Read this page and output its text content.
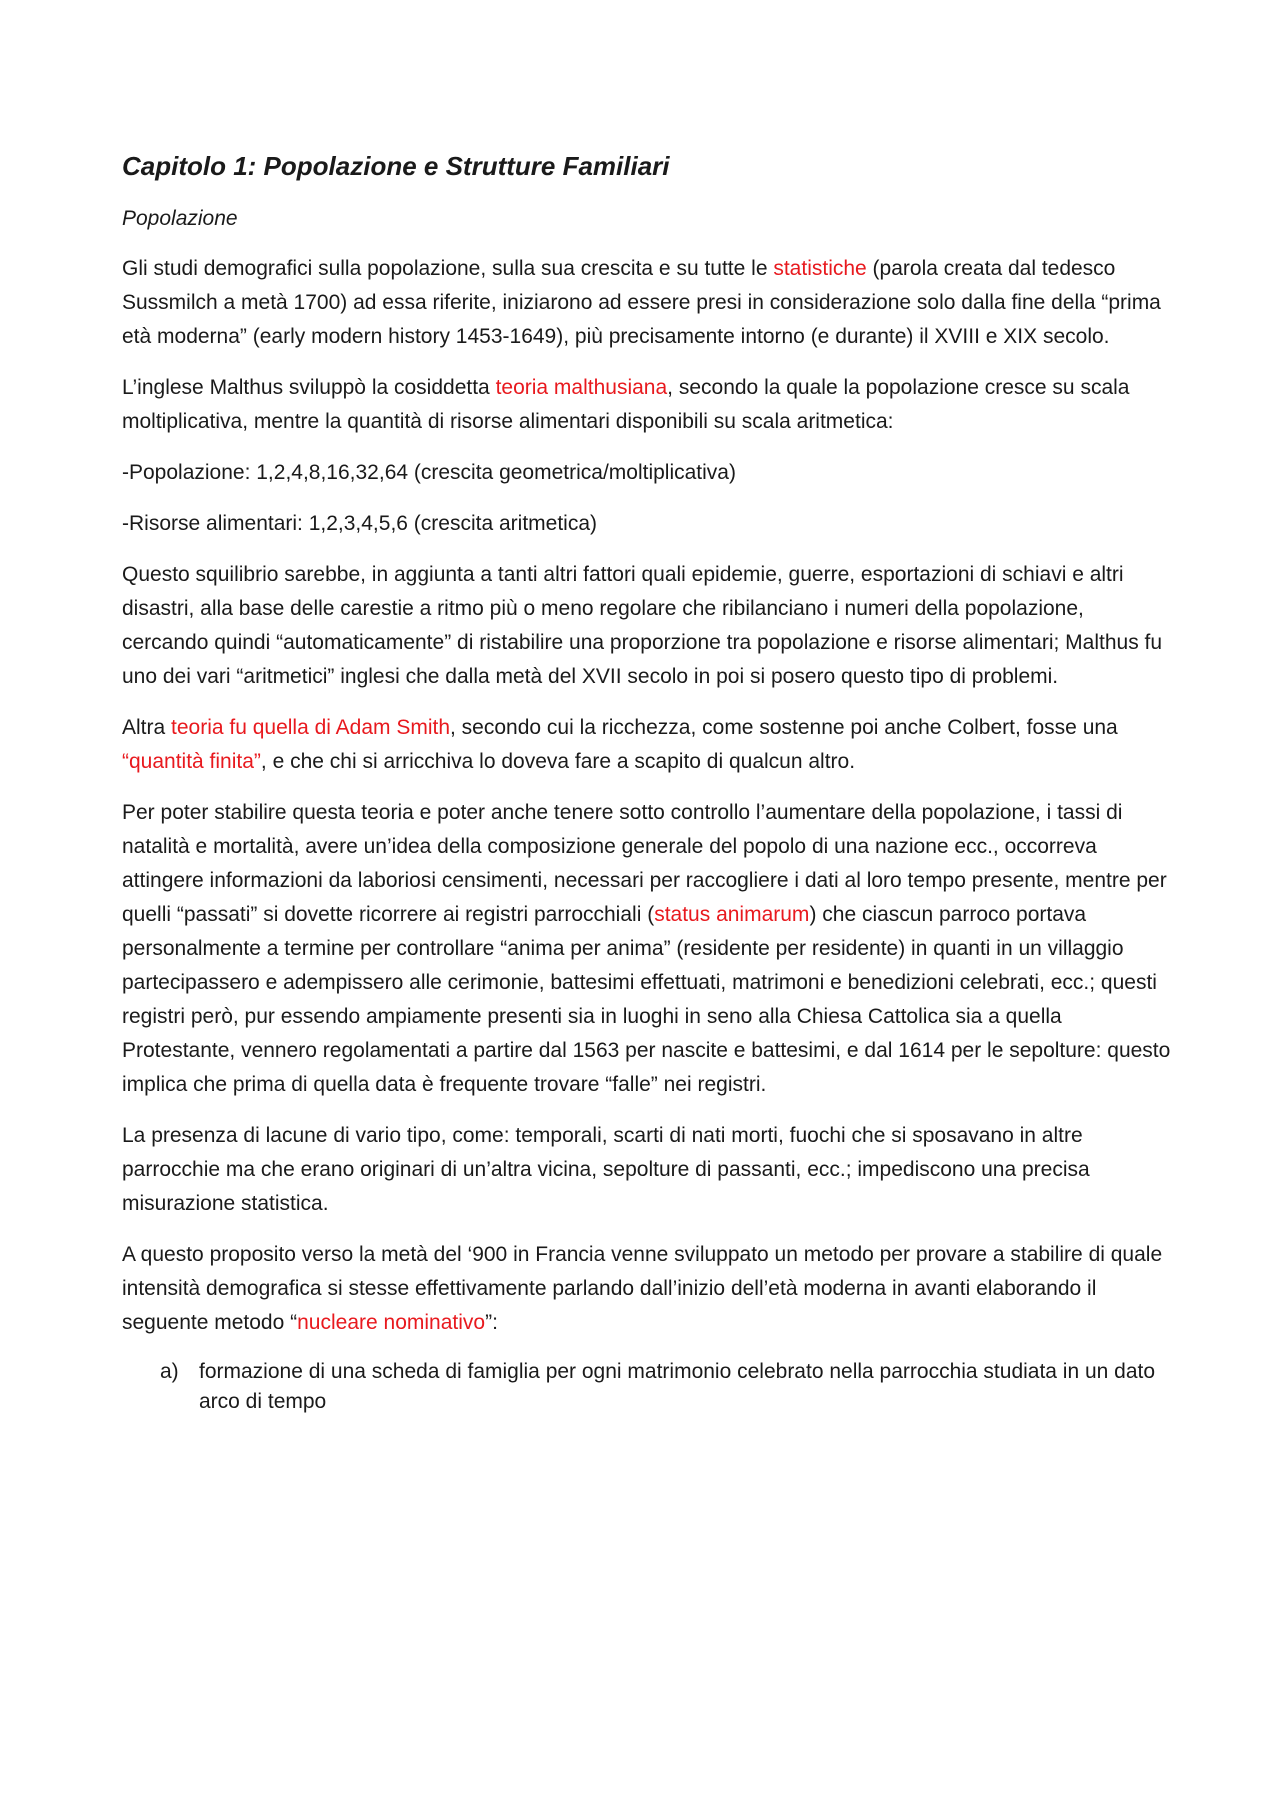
Capitolo 1: Popolazione e Strutture Familiari
Popolazione

Gli studi demografici sulla popolazione, sulla sua crescita e su tutte le statistiche (parola creata dal tedesco Sussmilch a metà 1700) ad essa riferite, iniziarono ad essere presi in considerazione solo dalla fine della “prima età moderna” (early modern history 1453-1649), più precisamente intorno (e durante) il XVIII e XIX secolo.

L’inglese Malthus sviluppò la cosiddetta teoria malthusiana, secondo la quale la popolazione cresce su scala moltiplicativa, mentre la quantità di risorse alimentari disponibili su scala aritmetica:

-Popolazione: 1,2,4,8,16,32,64 (crescita geometrica/moltiplicativa)

-Risorse alimentari: 1,2,3,4,5,6 (crescita aritmetica)

Questo squilibrio sarebbe, in aggiunta a tanti altri fattori quali epidemie, guerre, esportazioni di schiavi e altri disastri, alla base delle carestie a ritmo più o meno regolare che ribilanciano i numeri della popolazione, cercando quindi “automaticamente” di ristabilire una proporzione tra popolazione e risorse alimentari; Malthus fu uno dei vari “aritmetici” inglesi che dalla metà del XVII secolo in poi si posero questo tipo di problemi.

Altra teoria fu quella di Adam Smith, secondo cui la ricchezza, come sostenne poi anche Colbert, fosse una “quantità finita”, e che chi si arricchiva lo doveva fare a scapito di qualcun altro.

Per poter stabilire questa teoria e poter anche tenere sotto controllo l’aumentare della popolazione, i tassi di natalità e mortalità, avere un’idea della composizione generale del popolo di una nazione ecc., occorreva attingere informazioni da laboriosi censimenti, necessari per raccogliere i dati al loro tempo presente, mentre per quelli “passati” si dovette ricorrere ai registri parrocchiali (status animarum) che ciascun parroco portava personalmente a termine per controllare “anima per anima” (residente per residente) in quanti in un villaggio partecipassero e adempissero alle cerimonie, battesimi effettuati, matrimoni e benedizioni celebrati, ecc.; questi registri però, pur essendo ampiamente presenti sia in luoghi in seno alla Chiesa Cattolica sia a quella Protestante, vennero regolamentati a partire dal 1563 per nascite e battesimi, e dal 1614 per le sepolture: questo implica che prima di quella data è frequente trovare “falle” nei registri.

La presenza di lacune di vario tipo, come: temporali, scarti di nati morti, fuochi che si sposavano in altre parrocchie ma che erano originari di un’altra vicina, sepolture di passanti, ecc.; impediscono una precisa misurazione statistica.

A questo proposito verso la metà del ‘900 in Francia venne sviluppato un metodo per provare a stabilire di quale intensità demografica si stesse effettivamente parlando dall’inizio dell’età moderna in avanti elaborando il seguente metodo “nucleare nominativo”:

a) formazione di una scheda di famiglia per ogni matrimonio celebrato nella parrocchia studiata in un dato arco di tempo
